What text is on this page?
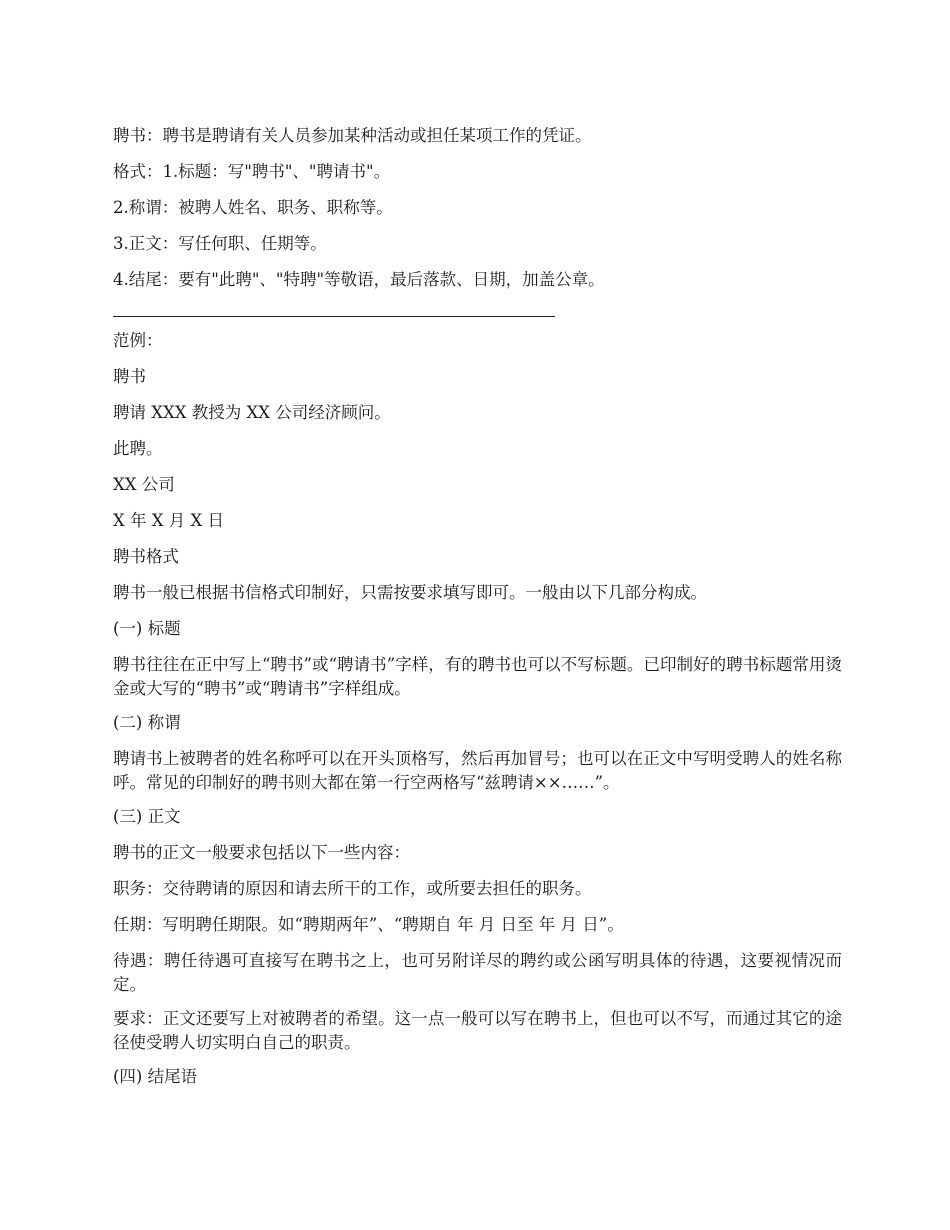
聘书：聘书是聘请有关人员参加某种活动或担任某项工作的凭证。

格式：1.标题：写"聘书"、"聘请书"。

2.称谓：被聘人姓名、职务、职称等。

3.正文：写任何职、任期等。

4.结尾：要有"此聘"、"特聘"等敬语，最后落款、日期，加盖公章。

范例：

聘书

聘请 XXX 教授为 XX 公司经济顾问。

此聘。

XX 公司

X 年 X 月 X 日

聘书格式

聘书一般已根据书信格式印制好，只需按要求填写即可。一般由以下几部分构成。

(一) 标题

聘书往往在正中写上“聘书”或“聘请书”字样，有的聘书也可以不写标题。已印制好的聘书标题常用烫金或大写的“聘书”或“聘请书”字样组成。

(二) 称谓

聘请书上被聘者的姓名称呼可以在开头顶格写，然后再加冒号；也可以在正文中写明受聘人的姓名称呼。常见的印制好的聘书则大都在第一行空两格写“兹聘请××……”。

(三) 正文

聘书的正文一般要求包括以下一些内容：

职务：交待聘请的原因和请去所干的工作，或所要去担任的职务。

任期：写明聘任期限。如“聘期两年”、“聘期自 年 月 日至 年 月 日”。

待遇：聘任待遇可直接写在聘书之上，也可另附详尽的聘约或公函写明具体的待遇，这要视情况而定。

要求：正文还要写上对被聘者的希望。这一点一般可以写在聘书上，但也可以不写，而通过其它的途径使受聘人切实明白自己的职责。

(四) 结尾语
